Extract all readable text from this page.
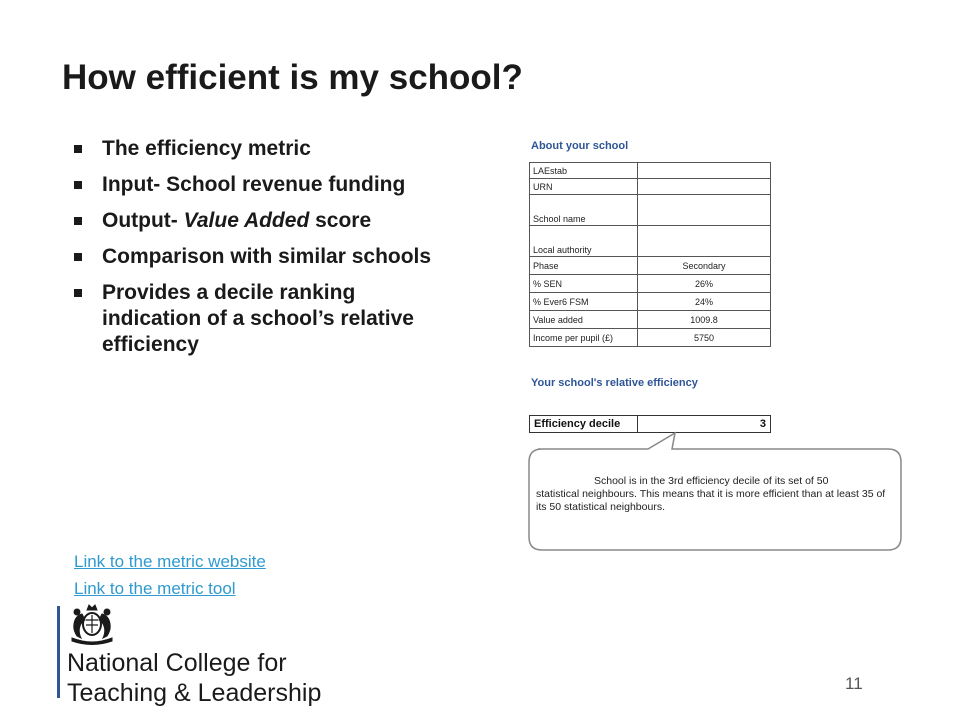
How efficient is my school?
The efficiency metric
Input- School revenue funding
Output- Value Added score
Comparison with similar schools
Provides a decile ranking indication of a school’s relative efficiency
About your school
LAEstab	
URN	
School name	
Local authority	
Phase	Secondary
% SEN	26%
% Ever6 FSM	24%
Value added	1009.8
Income per pupil (£)	5750
Your school's relative efficiency
Efficiency decile	3
School is in the 3rd efficiency decile of its set of 50
statistical neighbours. This means that it is more efficient than at least 35 of its 50 statistical neighbours.
Link to the metric website
Link to the metric tool
National College for
Teaching & Leadership	11
